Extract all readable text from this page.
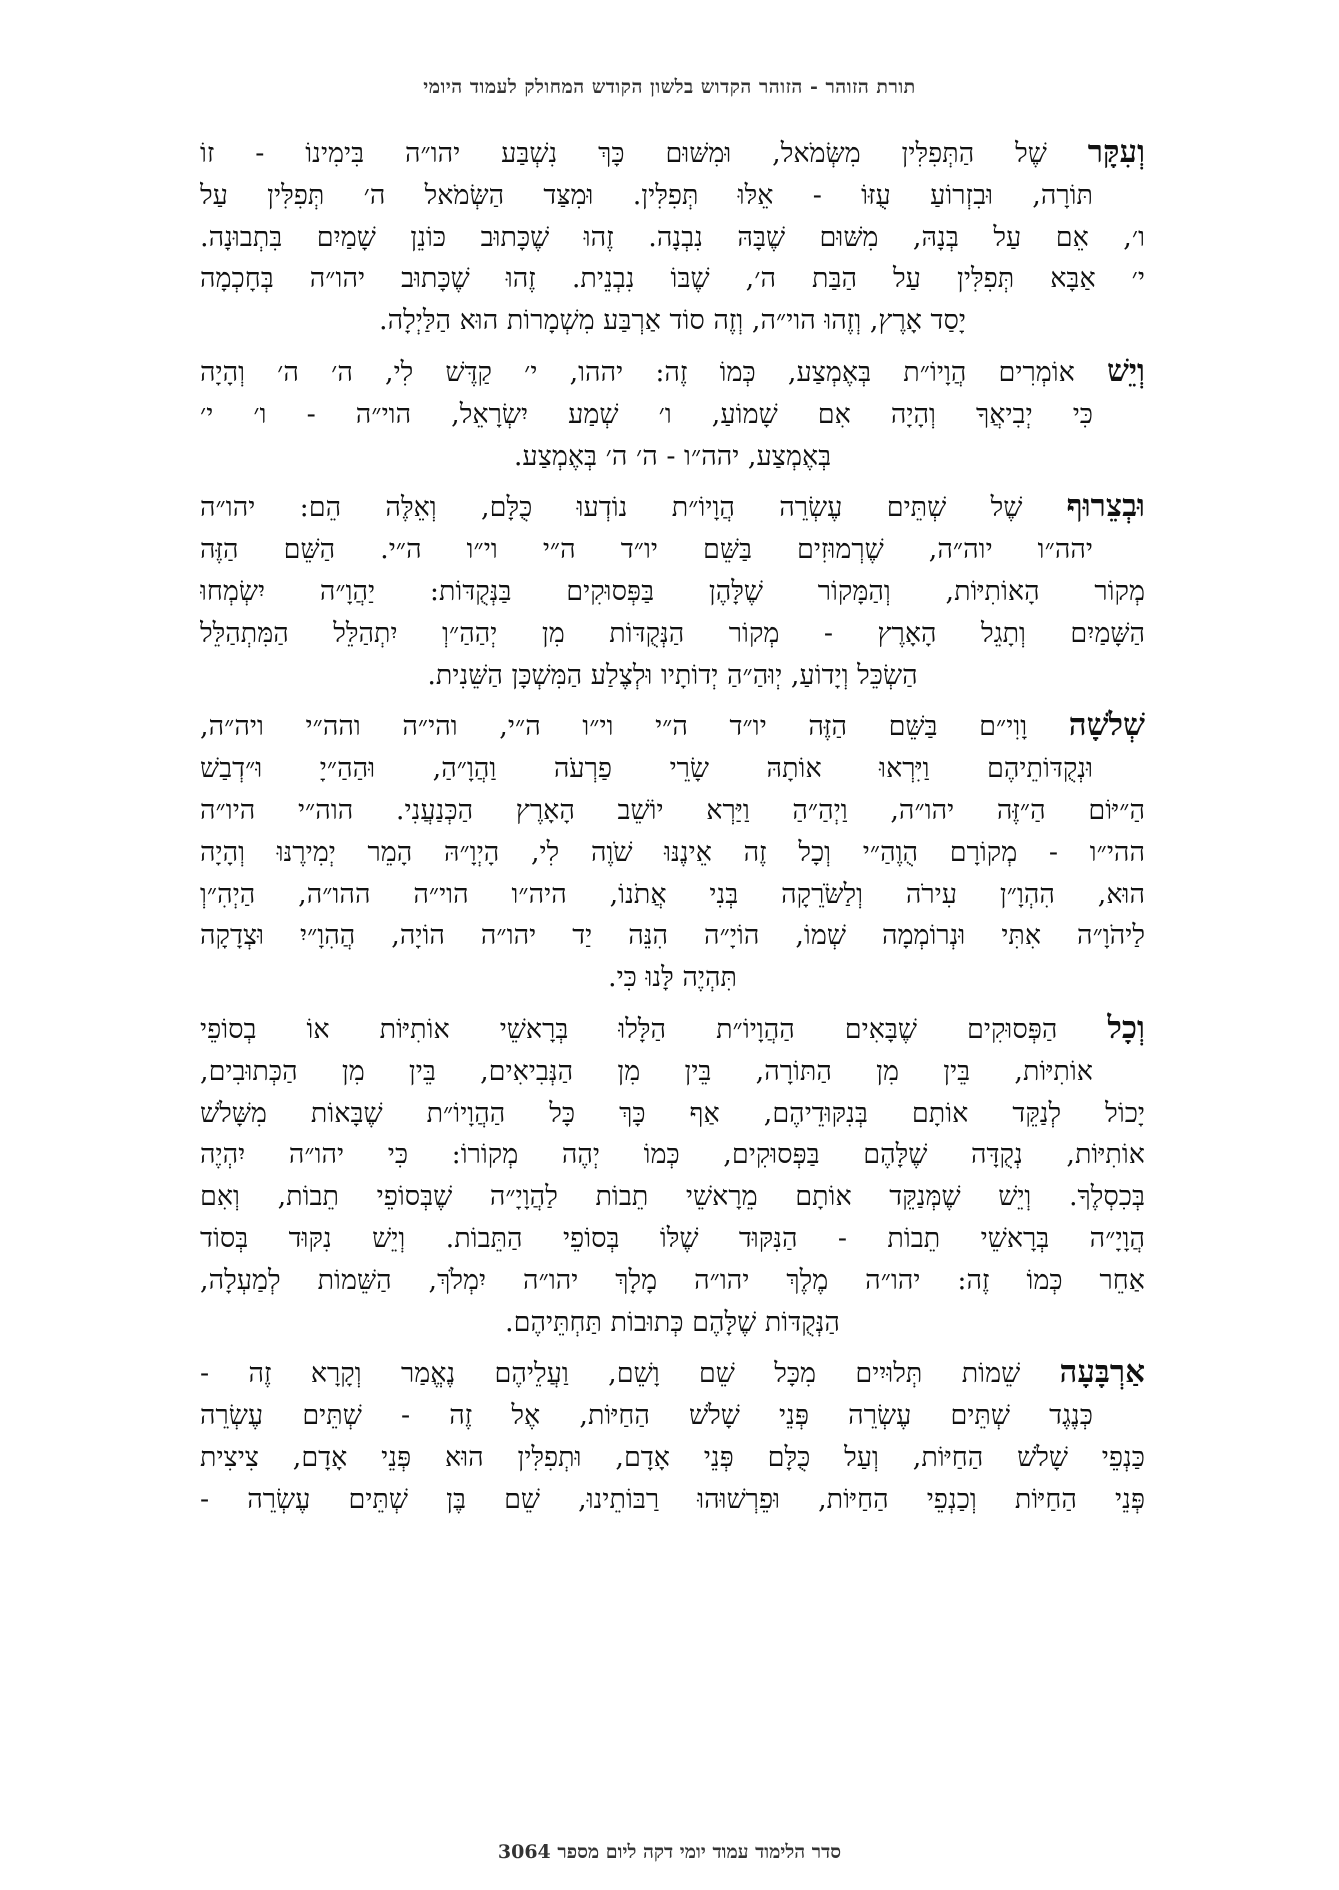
תורת הזוהר - הזוהר הקדוש בלשון הקודש המחולק לעמוד היומי
וְעִקָּר שֶׁל הַתְּפִלִּין מִשְּׂמֹאל, וּמִשּׁוּם כָּךְ נִשְׁבַּע יהו״ה בִּימִינוֹ - זוֹ
תּוֹרָה, וּבִזְרוֹעַ עֻזּוֹ - אֵלּוּ תְּפִלִּין. וּמִצַּד הַשְּׂמֹאל ה׳ תְּפִלִּין עַל
ו׳, אֵם עַל בְּנָהּ, מִשּׁוּם שֶׁבָּהּ נִבְנָה. זֶהוּ שֶׁכָּתוּב כּוֹנֵן שָׁמַיִם בִּתְבוּנָה.
י׳ אַבָּא תְּפִלִּין עַל הַבַּת ה׳, שֶׁבּוֹ נִבְנֵית. זֶהוּ שֶׁכָּתוּב יהו״ה בְּחָכְמָה
יָסַד אָרֶץ, וְזֶהוּ הוי״ה, וְזֶה סוֹד אַרְבַּע מִשְׁמָרוֹת הוּא הַלַּיְלָה.
וְיֵשׁ אוֹמְרִים הֲוָיוֹ״ת בְּאֶמְצַע, כְּמוֹ זֶה: יההו, י׳ קַדֶּשׁ לִי, ה׳ ה׳ וְהָיָה
כִּי יְבִיאֲךָ וְהָיָה אִם שָׁמוֹעַ, ו׳ שְׁמַע יִשְׂרָאֵל, הוי״ה - ו׳ י׳
בְּאֶמְצַע, יהה״ו - ה׳ ה׳ בְּאֶמְצַע.
וּבְצֵרוּף שֶׁל שְׁתֵּים עֶשְׂרֵה הֲוָיוֹ״ת נוֹדְעוּ כֻּלָּם, וְאֵלֶּה הֵם: יהו״ה
יהה״ו יוה״ה, שֶׁרְמוּזִים בַּשֵּׁם יו״ד ה״י וי״ו ה״י. הַשֵּׁם הַזֶּה
מְקוֹר הָאוֹתִיּוֹת, וְהַמָּקוֹר שֶׁלָּהֶן בַּפְּסוּקִים בַּנְּקֻדּוֹת: יַהֲוָ״ה יִשְׂמְחוּ
הַשָּׁמַיִם וְתָגֵל הָאָרֶץ - מְקוֹר הַנְּקֻדּוֹת מִן יְהַהַ״וְ יִתְהַלֵּל הַמִּתְהַלֵּל
הַשְׂכֵּל וְיָדוֹעַ, יְוּהַ״הַ יְדוֹתָיו וּלְצֶלַע הַמִּשְׁכָּן הַשֵּׁנִית.
שְׁלֹשָׁה וָוִי״ם בַּשֵּׁם הַזֶּה יו״ד ה״י וי״ו ה״י, והי״ה והה״י ויה״ה,
וּנְקֻדּוֹתֵיהֶם וַיִּרְאוּ אוֹתָהּ שָׂרֵי פַרְעֹה וַהֲוָ״הַ, וּהַהַ״יָ וּ״דְבַשׁ
הַ״יּוֹם הַ״זֶּה יהו״ה, וַיְהַ״הַ וַיַּרְא יוֹשֵׁב הָאָרֶץ הַכְּנַעֲנִי. הוה״י היו״ה
ההי״ו - מְקוֹרָם הֻוֶהַ״י וְכָל זֶה אֵינֶנּוּ שֹׁוֶה לִי, הָיְוָ״הּ הָמֵר יְמִירֶנּוּ וְהָיָה
הוּא, הִהְוָ״ן עִירֹה וְלַשֹּׂרֵקָה בְּנִי אֲתֹנוֹ, היה״ו הוי״ה ההו״ה, הַיְהִ״וְ
לַיהֹוָ״ה אִתִּי וּנְרוֹמְמָה שְׁמוֹ, הוֹיָ״ה הִנֵּה יַד יהו״ה הוֹיָה, הֲהִוָ״יִ וּצְדָקָה
תִּהְיֶה לָּנוּ כִּי.
וְכָל הַפְּסוּקִים שֶׁבָּאִים הַהֲוָיוֹ״ת הַלָּלוּ בְּרָאשֵׁי אוֹתִיּוֹת אוֹ בְסוֹפֵי
אוֹתִיּוֹת, בֵּין מִן הַתּוֹרָה, בֵּין מִן הַנְּבִיאִים, בֵּין מִן הַכְּתוּבִים,
יָכוֹל לְנַקֵּד אוֹתָם בְּנִקּוּדֵיהֶם, אַף כָּךְ כָּל הַהֲוָיוֹ״ת שֶׁבָּאוֹת מִשָּׁלֹשׁ
אוֹתִיּוֹת, נְקֻדָּה שֶׁלָּהֶם בַּפְּסוּקִים, כְּמוֹ יְהֶה מְקוֹרוֹ: כִּי יהו״ה יִהְיֶה
בְּכִסְלֶךָ. וְיֵשׁ שֶׁמְּנַקֵּד אוֹתָם מֵרָאשֵׁי תֵבוֹת לַהֲוָיָ״ה שֶׁבְּסוֹפֵי תֵבוֹת, וְאִם
הֲוָיָ״ה בְּרָאשֵׁי תֵבוֹת - הַנִּקּוּד שֶׁלּוֹ בְּסוֹפֵי הַתֵּבוֹת. וְיֵשׁ נִקּוּד בְּסוֹד
אַחֵר כְּמוֹ זֶה: יהו״ה מֶלֶךְ יהו״ה מָלָךְ יהו״ה יִמְלֹךְ, הַשֵּׁמוֹת לְמַעְלָה,
הַנְּקֻדּוֹת שֶׁלָּהֶם כְּתוּבוֹת תַּחְתֵּיהֶם.
אַרְבָּעָה שֵׁמוֹת תְּלוּיִים מִכָּל שֵׁם וָשֵׁם, וַעֲלֵיהֶם נֶאֱמַר וְקָרָא זֶה -
כְּנֶגֶד שְׁתֵּים עֶשְׂרֵה פְּנֵי שָׁלֹשׁ הַחַיּוֹת, אֶל זֶה - שְׁתֵּים עֶשְׂרֵה
כַּנְפֵי שָׁלֹשׁ הַחַיּוֹת, וְעַל כֻּלָּם פְּנֵי אָדָם, וּתְפִלִּין הוּא פְּנֵי אָדָם, צִיצִית
פְּנֵי הַחַיּוֹת וְכַנְפֵי הַחַיּוֹת, וּפֵרְשׁוּהוּ רַבּוֹתֵינוּ, שֵׁם בֶּן שְׁתֵּים עֶשְׂרֵה -
סדר הלימוד עמוד יומי דקה ליום מספר 3064
